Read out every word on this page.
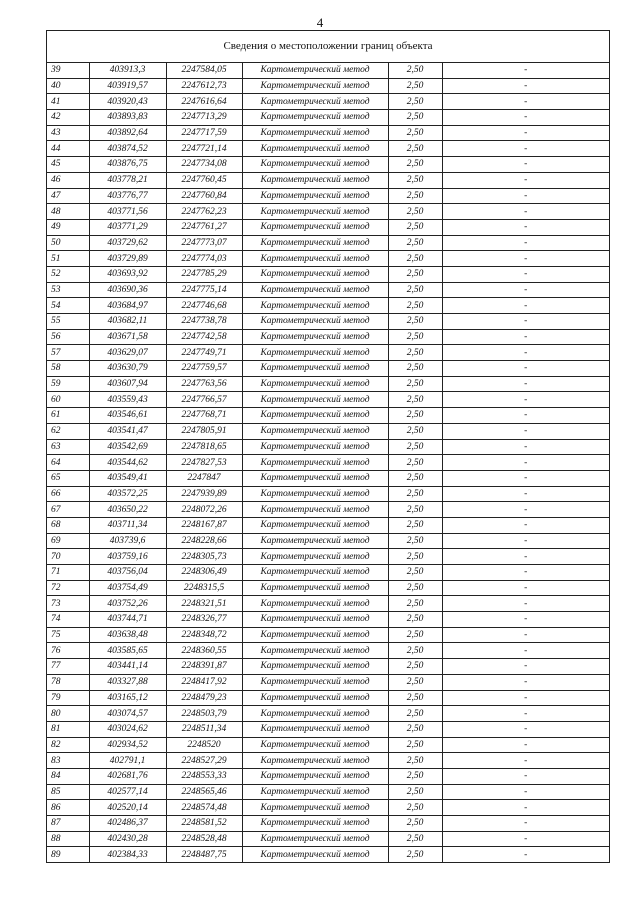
4
Сведения о местоположении границ объекта
39	403913,3	2247584,05	Картометрический метод	2,50	-
40	403919,57	2247612,73	Картометрический метод	2,50	-
41	403920,43	2247616,64	Картометрический метод	2,50	-
42	403893,83	2247713,29	Картометрический метод	2,50	-
43	403892,64	2247717,59	Картометрический метод	2,50	-
44	403874,52	2247721,14	Картометрический метод	2,50	-
45	403876,75	2247734,08	Картометрический метод	2,50	-
46	403778,21	2247760,45	Картометрический метод	2,50	-
47	403776,77	2247760,84	Картометрический метод	2,50	-
48	403771,56	2247762,23	Картометрический метод	2,50	-
49	403771,29	2247761,27	Картометрический метод	2,50	-
50	403729,62	2247773,07	Картометрический метод	2,50	-
51	403729,89	2247774,03	Картометрический метод	2,50	-
52	403693,92	2247785,29	Картометрический метод	2,50	-
53	403690,36	2247775,14	Картометрический метод	2,50	-
54	403684,97	2247746,68	Картометрический метод	2,50	-
55	403682,11	2247738,78	Картометрический метод	2,50	-
56	403671,58	2247742,58	Картометрический метод	2,50	-
57	403629,07	2247749,71	Картометрический метод	2,50	-
58	403630,79	2247759,57	Картометрический метод	2,50	-
59	403607,94	2247763,56	Картометрический метод	2,50	-
60	403559,43	2247766,57	Картометрический метод	2,50	-
61	403546,61	2247768,71	Картометрический метод	2,50	-
62	403541,47	2247805,91	Картометрический метод	2,50	-
63	403542,69	2247818,65	Картометрический метод	2,50	-
64	403544,62	2247827,53	Картометрический метод	2,50	-
65	403549,41	2247847	Картометрический метод	2,50	-
66	403572,25	2247939,89	Картометрический метод	2,50	-
67	403650,22	2248072,26	Картометрический метод	2,50	-
68	403711,34	2248167,87	Картометрический метод	2,50	-
69	403739,6	2248228,66	Картометрический метод	2,50	-
70	403759,16	2248305,73	Картометрический метод	2,50	-
71	403756,04	2248306,49	Картометрический метод	2,50	-
72	403754,49	2248315,5	Картометрический метод	2,50	-
73	403752,26	2248321,51	Картометрический метод	2,50	-
74	403744,71	2248326,77	Картометрический метод	2,50	-
75	403638,48	2248348,72	Картометрический метод	2,50	-
76	403585,65	2248360,55	Картометрический метод	2,50	-
77	403441,14	2248391,87	Картометрический метод	2,50	-
78	403327,88	2248417,92	Картометрический метод	2,50	-
79	403165,12	2248479,23	Картометрический метод	2,50	-
80	403074,57	2248503,79	Картометрический метод	2,50	-
81	403024,62	2248511,34	Картометрический метод	2,50	-
82	402934,52	2248520	Картометрический метод	2,50	-
83	402791,1	2248527,29	Картометрический метод	2,50	-
84	402681,76	2248553,33	Картометрический метод	2,50	-
85	402577,14	2248565,46	Картометрический метод	2,50	-
86	402520,14	2248574,48	Картометрический метод	2,50	-
87	402486,37	2248581,52	Картометрический метод	2,50	-
88	402430,28	2248528,48	Картометрический метод	2,50	-
89	402384,33	2248487,75	Картометрический метод	2,50	-
